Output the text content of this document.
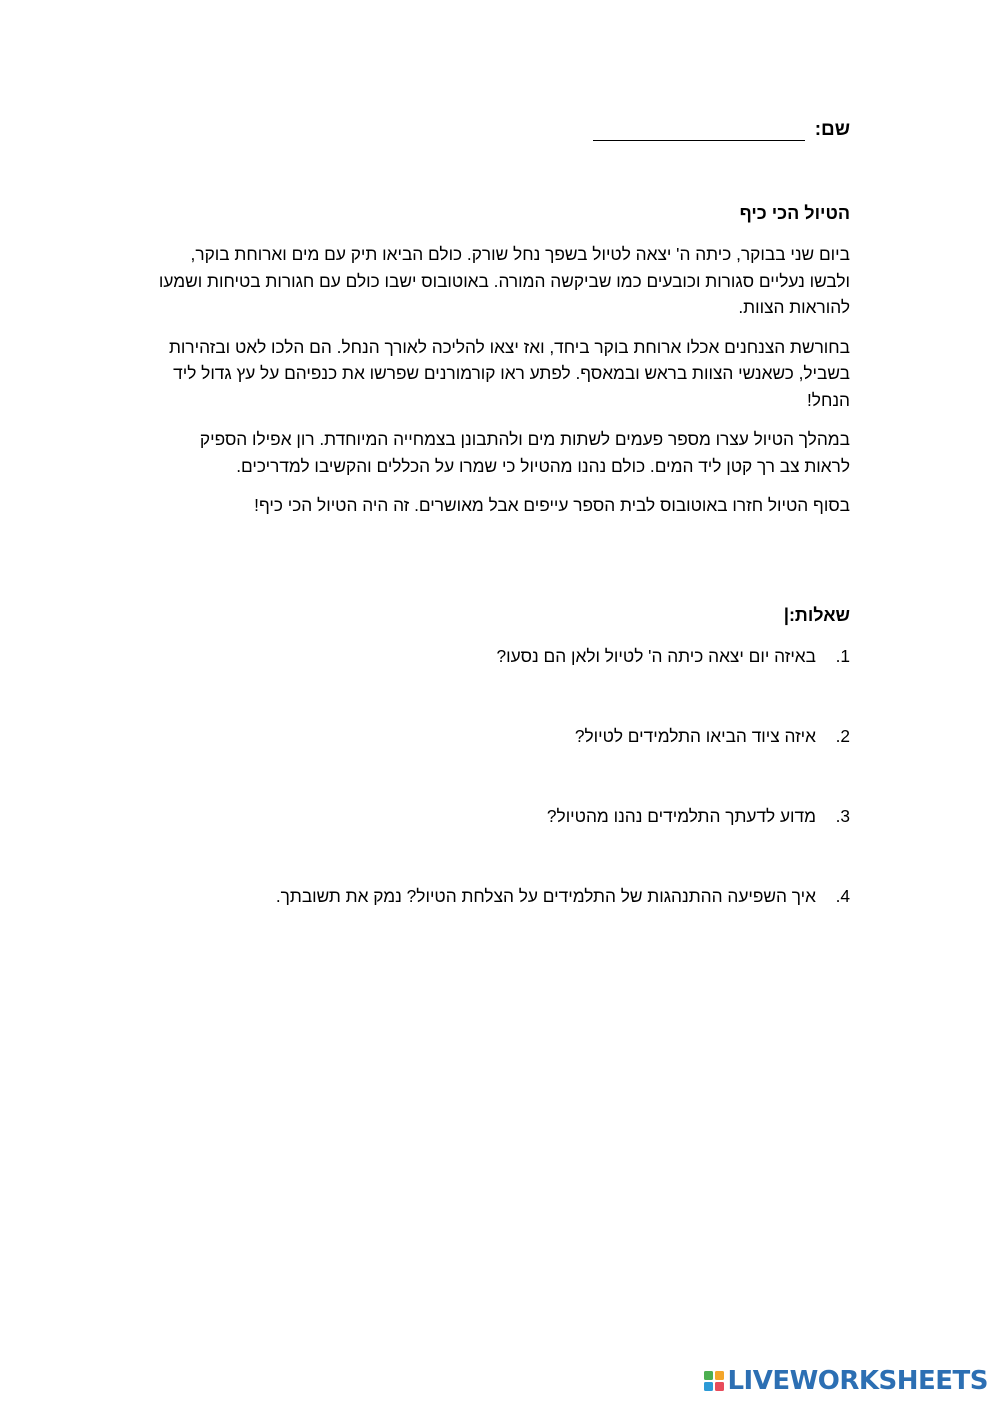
שם:
הטיול הכי כיף

ביום שני בבוקר, כיתה ה' יצאה לטיול בשפך נחל שורק. כולם הביאו תיק עם מים וארוחת בוקר, ולבשו נעליים סגורות וכובעים כמו שביקשה המורה. באוטובוס ישבו כולם עם חגורות בטיחות ושמעו להוראות הצוות.

בחורשת הצנחנים אכלו ארוחת בוקר ביחד, ואז יצאו להליכה לאורך הנחל. הם הלכו לאט ובזהירות בשביל, כשאנשי הצוות בראש ובמאסף. לפתע ראו קורמורנים שפרשו את כנפיהם על עץ גדול ליד הנחל!

במהלך הטיול עצרו מספר פעמים לשתות מים ולהתבונן בצמחייה המיוחדת. רון אפילו הספיק לראות צב רך קטן ליד המים. כולם נהנו מהטיול כי שמרו על הכללים והקשיבו למדריכים.

בסוף הטיול חזרו באוטובוס לבית הספר עייפים אבל מאושרים. זה היה הטיול הכי כיף!

שאלות:|
1.
באיזה יום יצאה כיתה ה' לטיול ולאן הם נסעו?
2.
איזה ציוד הביאו התלמידים לטיול?
3.
מדוע לדעתך התלמידים נהנו מהטיול?
4.
איך השפיעה ההתנהגות של התלמידים על הצלחת הטיול? נמק את תשובתך.
LIVEWORKSHEETS
